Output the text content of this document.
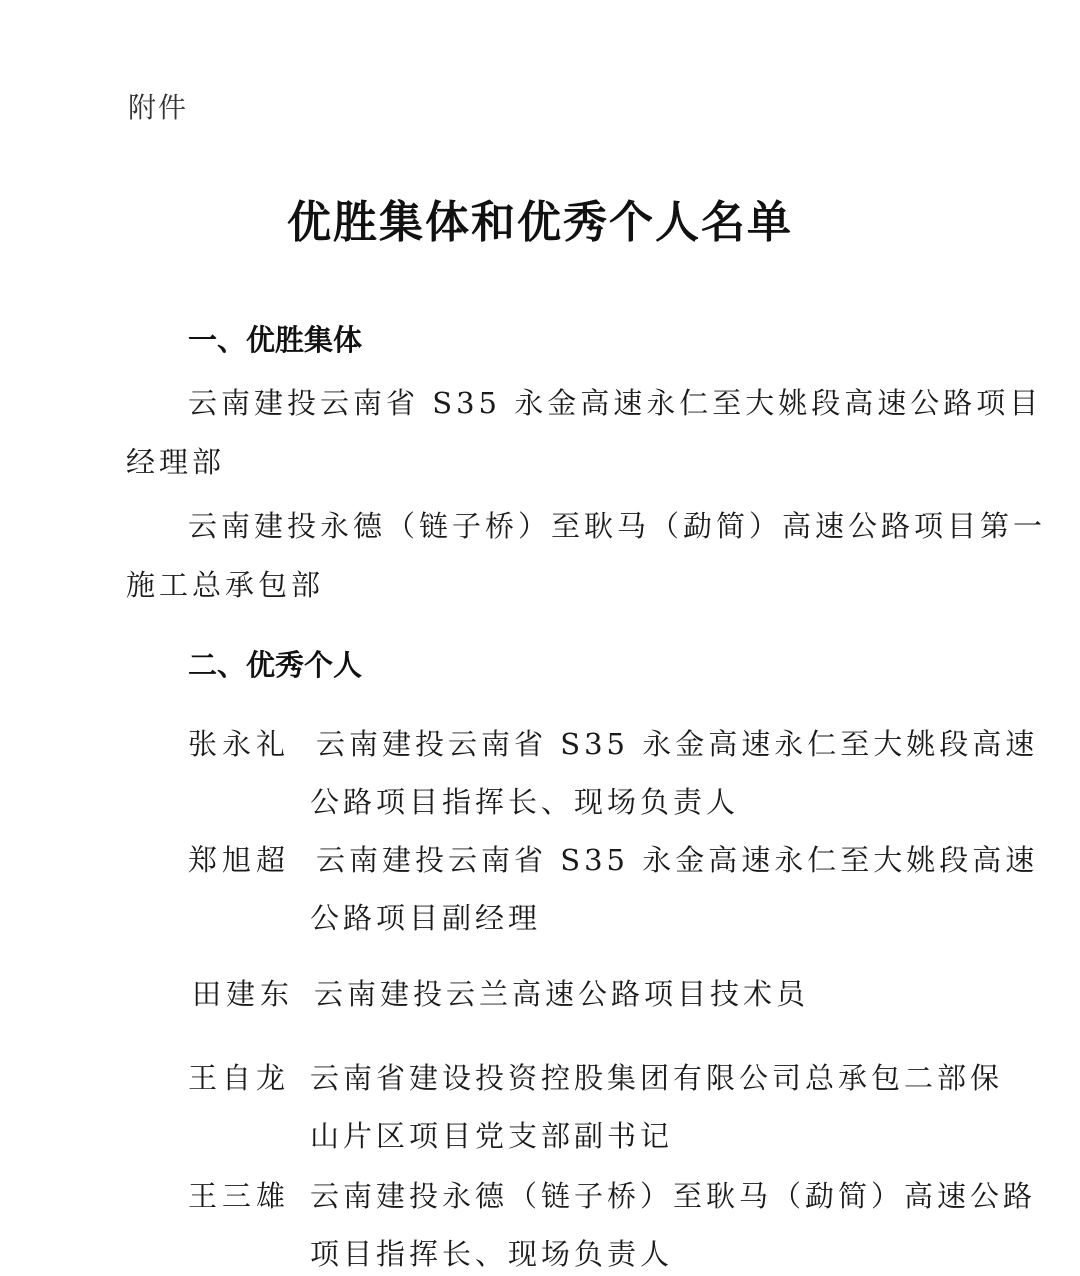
附件
优胜集体和优秀个人名单
一、优胜集体
云南建投云南省 S35 永金高速永仁至大姚段高速公路项目
经理部
云南建投永德（链子桥）至耿马（勐简）高速公路项目第一
施工总承包部
二、优秀个人
张永礼 云南建投云南省 S35 永金高速永仁至大姚段高速
公路项目指挥长、现场负责人
郑旭超 云南建投云南省 S35 永金高速永仁至大姚段高速
公路项目副经理
田建东 云南建投云兰高速公路项目技术员
王自龙 云南省建设投资控股集团有限公司总承包二部保
山片区项目党支部副书记
王三雄 云南建投永德（链子桥）至耿马（勐简）高速公路
项目指挥长、现场负责人
